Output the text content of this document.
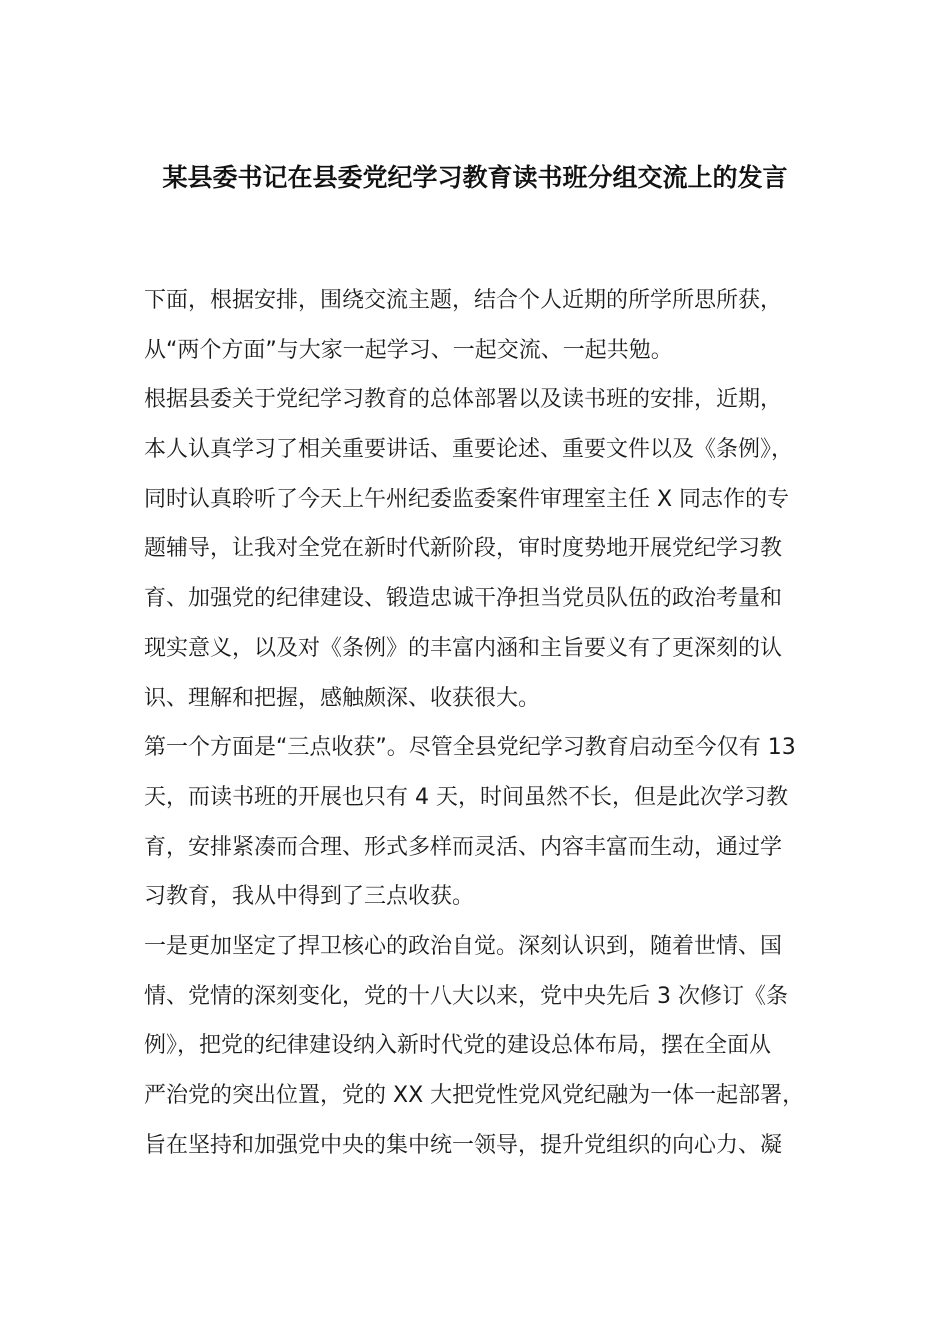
某县委书记在县委党纪学习教育读书班分组交流上的发言
下面，根据安排，围绕交流主题，结合个人近期的所学所思所获，
从“两个方面”与大家一起学习、一起交流、一起共勉。
根据县委关于党纪学习教育的总体部署以及读书班的安排，近期，
本人认真学习了相关重要讲话、重要论述、重要文件以及《条例》，
同时认真聆听了今天上午州纪委监委案件审理室主任 X 同志作的专
题辅导，让我对全党在新时代新阶段，审时度势地开展党纪学习教
育、加强党的纪律建设、锻造忠诚干净担当党员队伍的政治考量和
现实意义，以及对《条例》的丰富内涵和主旨要义有了更深刻的认
识、理解和把握，感触颇深、收获很大。
第一个方面是“三点收获”。尽管全县党纪学习教育启动至今仅有 13
天，而读书班的开展也只有 4 天，时间虽然不长，但是此次学习教
育，安排紧凑而合理、形式多样而灵活、内容丰富而生动，通过学
习教育，我从中得到了三点收获。
一是更加坚定了捍卫核心的政治自觉。深刻认识到，随着世情、国
情、党情的深刻变化，党的十八大以来，党中央先后 3 次修订《条
例》，把党的纪律建设纳入新时代党的建设总体布局，摆在全面从
严治党的突出位置，党的 XX 大把党性党风党纪融为一体一起部署，
旨在坚持和加强党中央的集中统一领导，提升党组织的向心力、凝
